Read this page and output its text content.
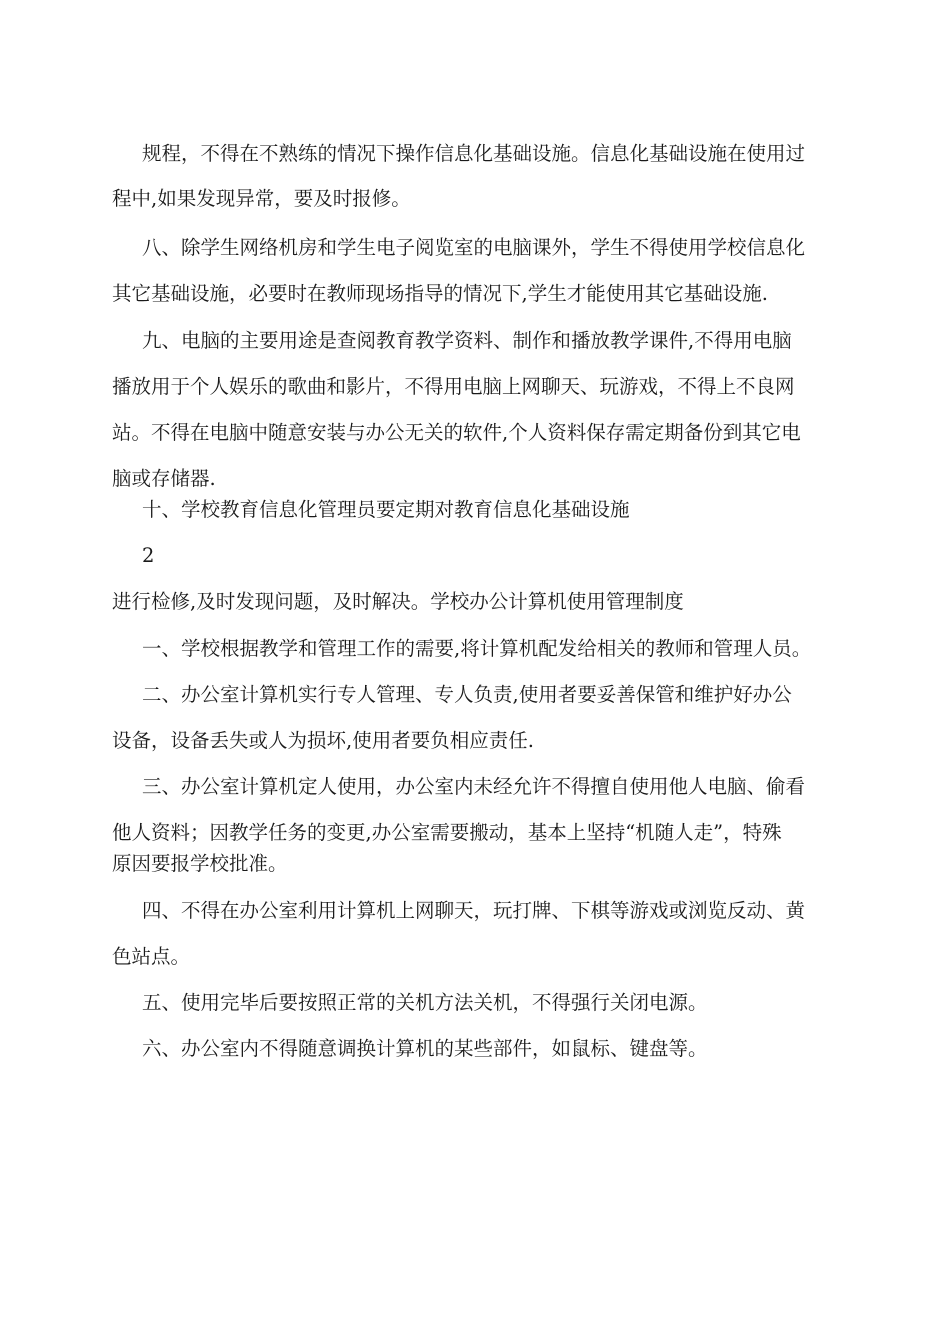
规程，不得在不熟练的情况下操作信息化基础设施。信息化基础设施在使用过
程中,如果发现异常，要及时报修。
八、除学生网络机房和学生电子阅览室的电脑课外，学生不得使用学校信息化
其它基础设施，必要时在教师现场指导的情况下,学生才能使用其它基础设施.
九、电脑的主要用途是查阅教育教学资料、制作和播放教学课件,不得用电脑
播放用于个人娱乐的歌曲和影片，不得用电脑上网聊天、玩游戏，不得上不良网
站。不得在电脑中随意安装与办公无关的软件,个人资料保存需定期备份到其它电
脑或存储器.
十、学校教育信息化管理员要定期对教育信息化基础设施
2
进行检修,及时发现问题，及时解决。学校办公计算机使用管理制度
一、学校根据教学和管理工作的需要,将计算机配发给相关的教师和管理人员。
二、办公室计算机实行专人管理、专人负责,使用者要妥善保管和维护好办公
设备，设备丢失或人为损坏,使用者要负相应责任.
三、办公室计算机定人使用，办公室内未经允许不得擅自使用他人电脑、偷看
他人资料；因教学任务的变更,办公室需要搬动，基本上坚持“机随人走”，特殊
原因要报学校批准。
四、不得在办公室利用计算机上网聊天，玩打牌、下棋等游戏或浏览反动、黄
色站点。
五、使用完毕后要按照正常的关机方法关机，不得强行关闭电源。
六、办公室内不得随意调换计算机的某些部件，如鼠标、键盘等。
